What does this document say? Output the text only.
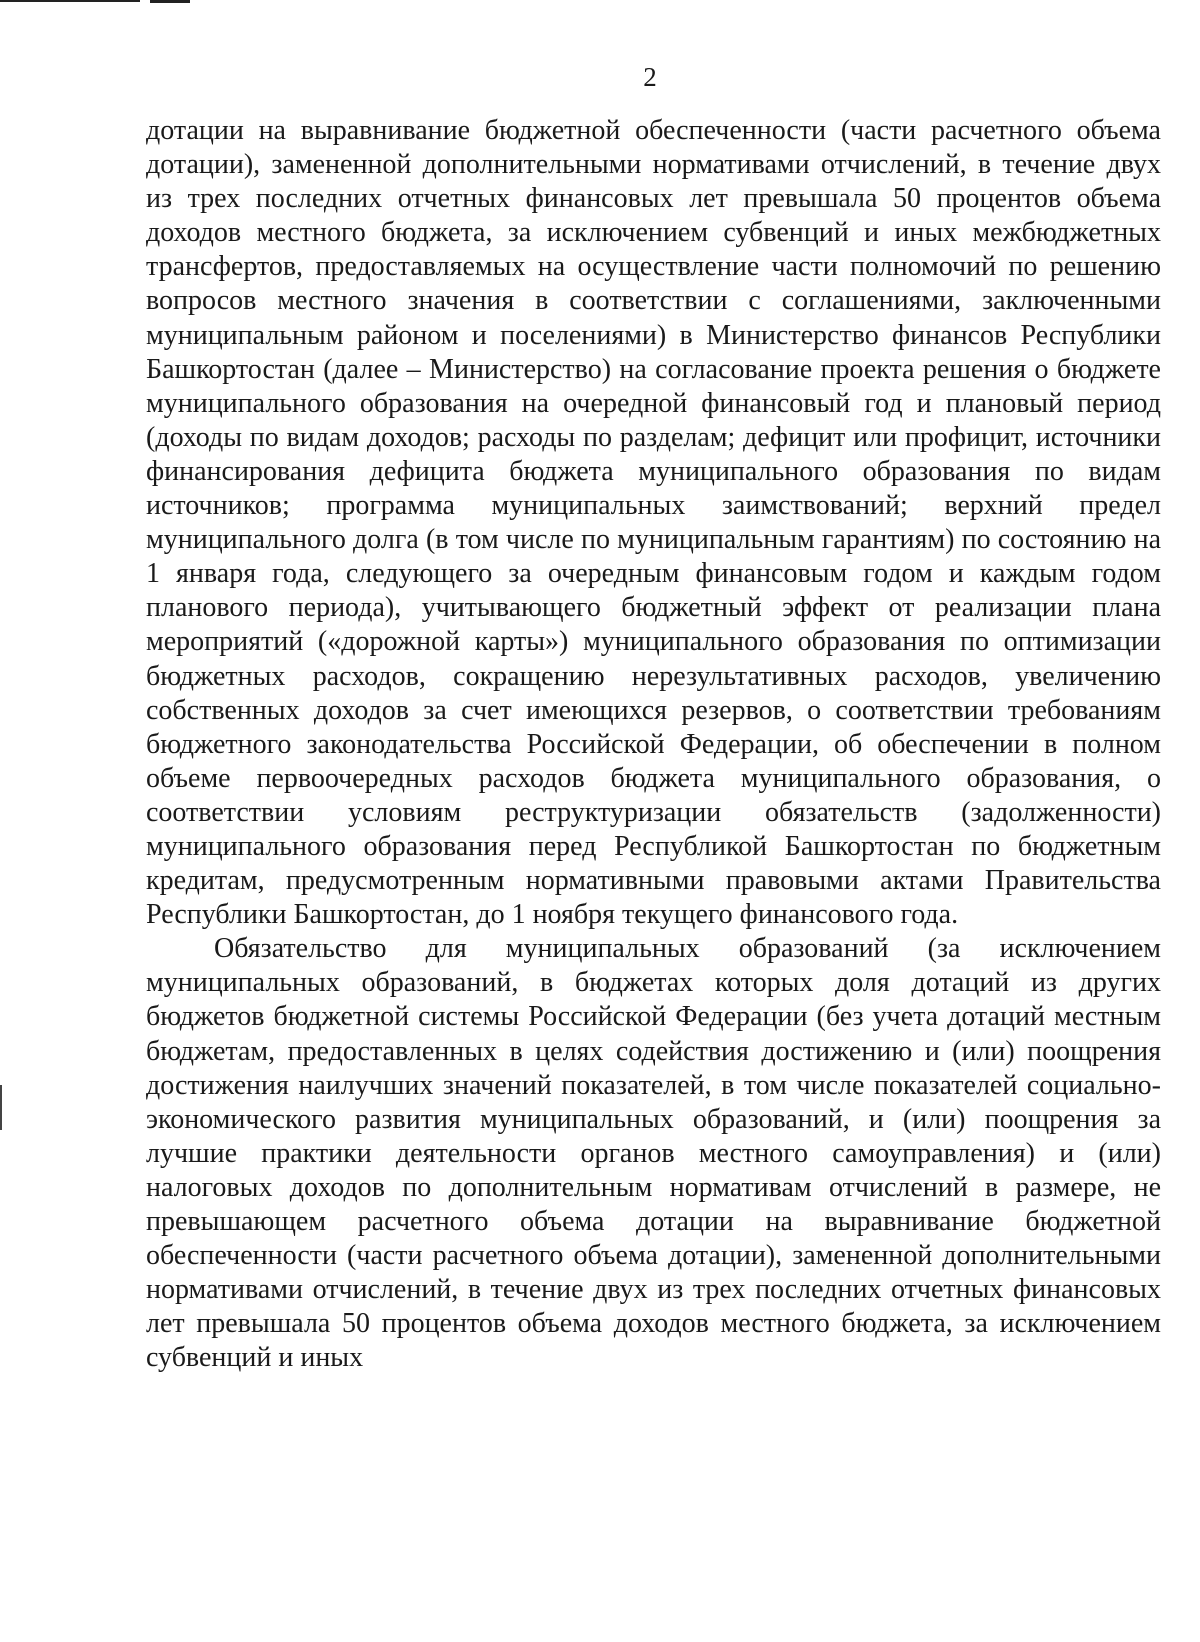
2

дотации на выравнивание бюджетной обеспеченности (части расчетного объема дотации), замененной дополнительными нормативами отчислений, в течение двух из трех последних отчетных финансовых лет превышала 50 процентов объема доходов местного бюджета, за исключением субвенций и иных межбюджетных трансфертов, предоставляемых на осуществление части полномочий по решению вопросов местного значения в соответствии с соглашениями, заключенными муниципальным районом и поселениями) в Министерство финансов Республики Башкортостан (далее – Министерство) на согласование проекта решения о бюджете муниципального образования на очередной финансовый год и плановый период (доходы по видам доходов; расходы по разделам; дефицит или профицит, источники финансирования дефицита бюджета муниципального образования по видам источников; программа муниципальных заимствований; верхний предел муниципального долга (в том числе по муниципальным гарантиям) по состоянию на 1 января года, следующего за очередным финансовым годом и каждым годом планового периода), учитывающего бюджетный эффект от реализации плана мероприятий («дорожной карты») муниципального образования по оптимизации бюджетных расходов, сокращению нерезультативных расходов, увеличению собственных доходов за счет имеющихся резервов, о соответствии требованиям бюджетного законодательства Российской Федерации, об обеспечении в полном объеме первоочередных расходов бюджета муниципального образования, о соответствии условиям реструктуризации обязательств (задолженности) муниципального образования перед Республикой Башкортостан по бюджетным кредитам, предусмотренным нормативными правовыми актами Правительства Республики Башкортостан, до 1 ноября текущего финансового года.

Обязательство для муниципальных образований (за исключением муниципальных образований, в бюджетах которых доля дотаций из других бюджетов бюджетной системы Российской Федерации (без учета дотаций местным бюджетам, предоставленных в целях содействия достижению и (или) поощрения достижения наилучших значений показателей, в том числе показателей социально-экономического развития муниципальных образований, и (или) поощрения за лучшие практики деятельности органов местного самоуправления) и (или) налоговых доходов по дополнительным нормативам отчислений в размере, не превышающем расчетного объема дотации на выравнивание бюджетной обеспеченности (части расчетного объема дотации), замененной дополнительными нормативами отчислений, в течение двух из трех последних отчетных финансовых лет превышала 50 процентов объема доходов местного бюджета, за исключением субвенций и иных
